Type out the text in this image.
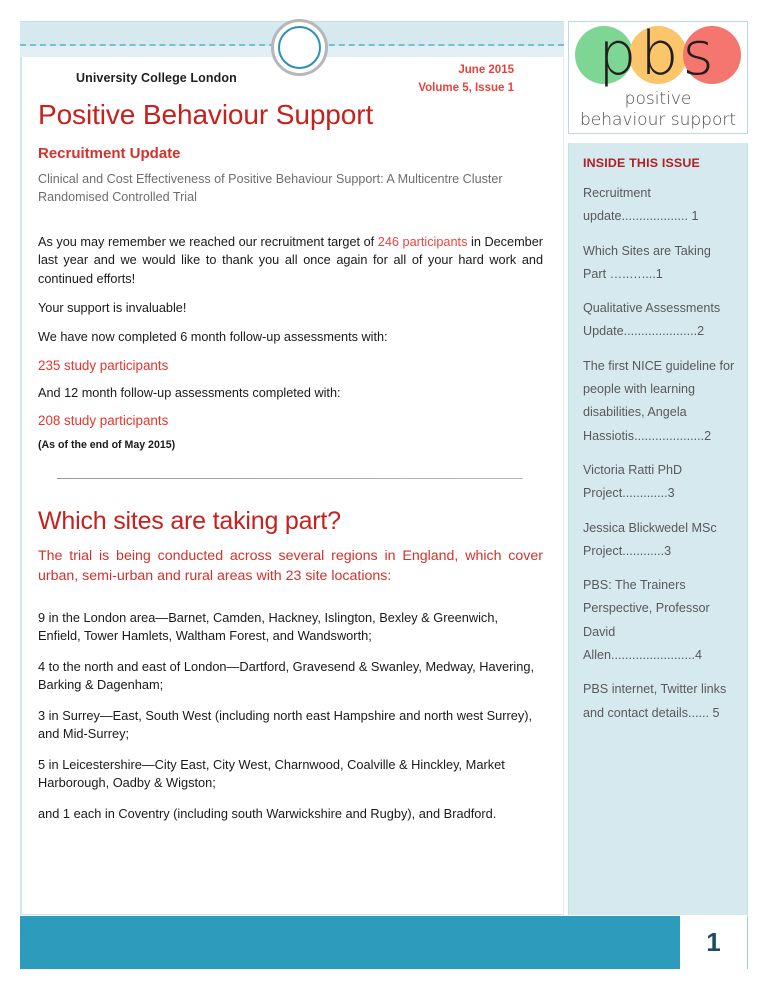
pbs
positive
behaviour support
University College London
June 2015
Volume 5, Issue 1
Positive Behaviour Support
Recruitment Update

Clinical and Cost Effectiveness of Positive Behaviour Support: A Multicentre Cluster Randomised Controlled Trial

As you may remember we reached our recruitment target of 246 participants in December last year and we would like to thank you all once again for all of your hard work and continued efforts!

Your support is invaluable!

We have now completed 6 month follow-up assessments with:

235 study participants

And 12 month follow-up assessments completed with:

208 study participants

(As of the end of May 2015)

Which sites are taking part?

The trial is being conducted across several regions in England, which cover urban, semi-urban and rural areas with 23 site locations:

9 in the London area—Barnet, Camden, Hackney, Islington, Bexley & Greenwich, Enfield, Tower Hamlets, Waltham Forest, and Wandsworth;

4 to the north and east of London—Dartford, Gravesend & Swanley, Medway, Havering, Barking & Dagenham;

3 in Surrey—East, South West (including north east Hampshire and north west Surrey), and Mid-Surrey;

5 in Leicestershire—City East, City West, Charnwood, Coalville & Hinckley, Market Harborough, Oadby & Wigston;

and 1 each in Coventry (including south Warwickshire and Rugby), and Bradford.

INSIDE THIS ISSUE
Recruitment update................... 1
Which Sites are Taking Part …..…....1
Qualitative Assessments Update.....................2
The first NICE guideline for people with learning disabilities, Angela Hassiotis....................2
Victoria Ratti PhD Project.............3
Jessica Blickwedel MSc Project............3
PBS: The Trainers Perspective, Professor David Allen........................4
PBS internet, Twitter links and contact details...... 5
1
